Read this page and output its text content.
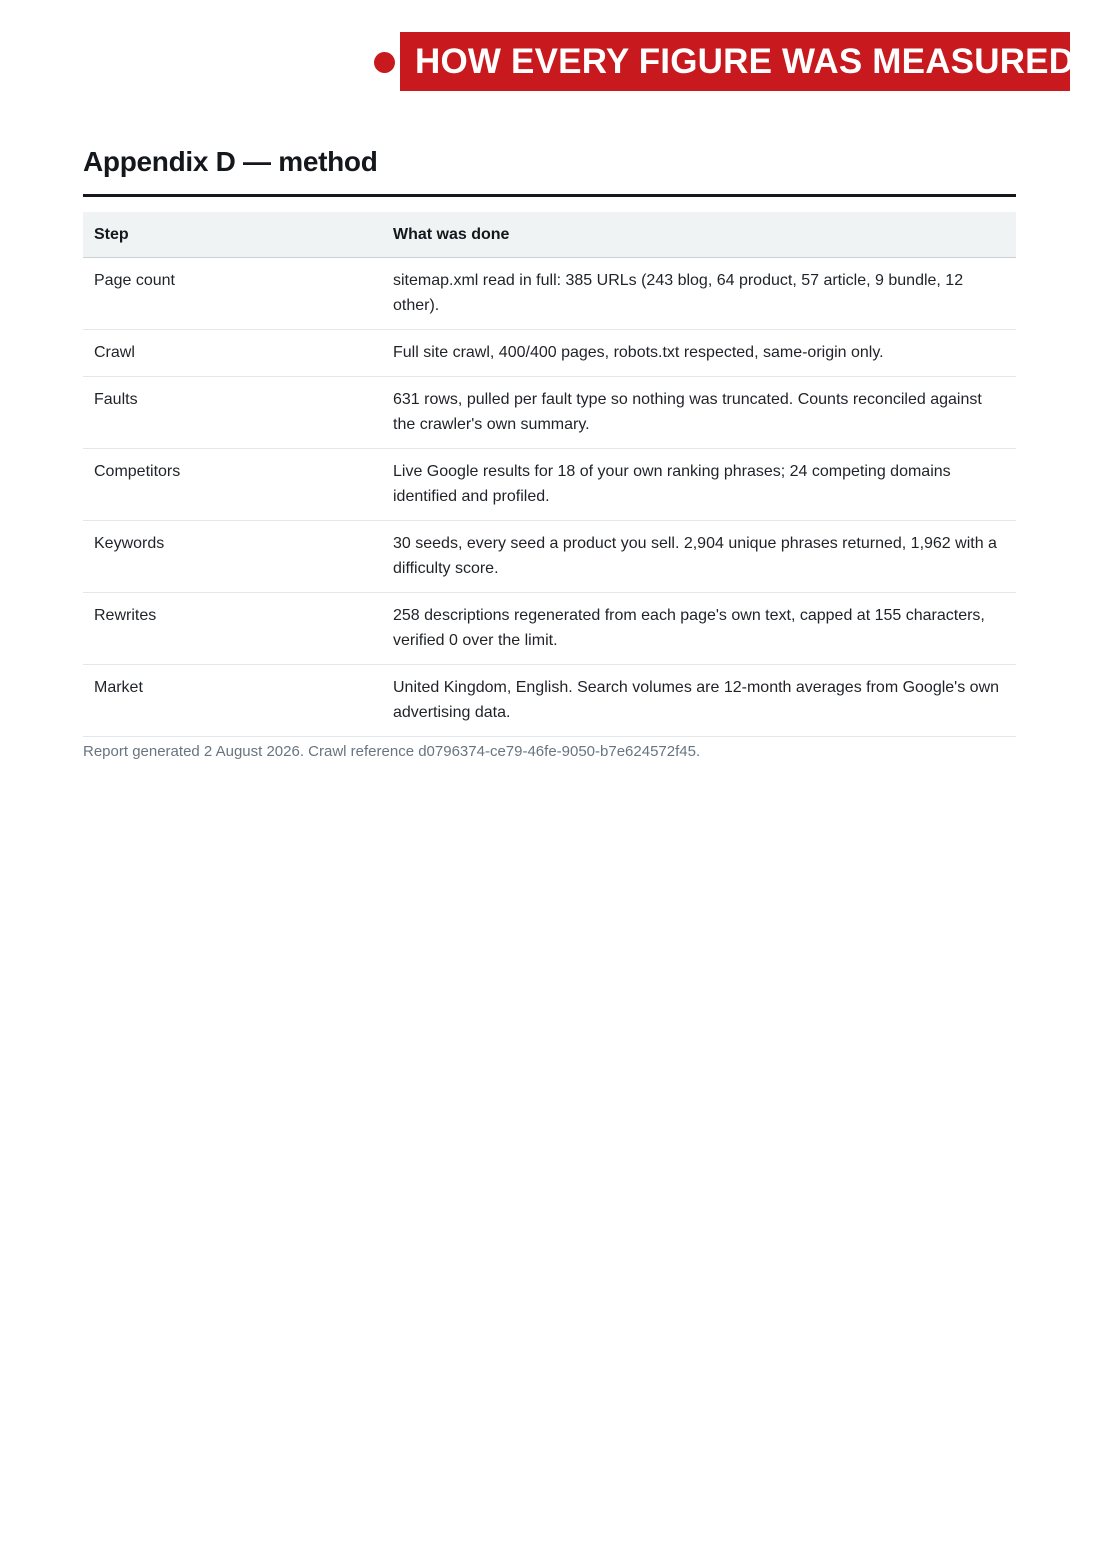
HOW EVERY FIGURE WAS MEASURED
Appendix D — method
Step	What was done
Page count	sitemap.xml read in full: 385 URLs (243 blog, 64 product, 57 article, 9 bundle, 12 other).
Crawl	Full site crawl, 400/400 pages, robots.txt respected, same-origin only.
Faults	631 rows, pulled per fault type so nothing was truncated. Counts reconciled against the crawler's own summary.
Competitors	Live Google results for 18 of your own ranking phrases; 24 competing domains identified and profiled.
Keywords	30 seeds, every seed a product you sell. 2,904 unique phrases returned, 1,962 with a difficulty score.
Rewrites	258 descriptions regenerated from each page's own text, capped at 155 characters, verified 0 over the limit.
Market	United Kingdom, English. Search volumes are 12-month averages from Google's own advertising data.
Report generated 2 August 2026. Crawl reference d0796374-ce79-46fe-9050-b7e624572f45.
